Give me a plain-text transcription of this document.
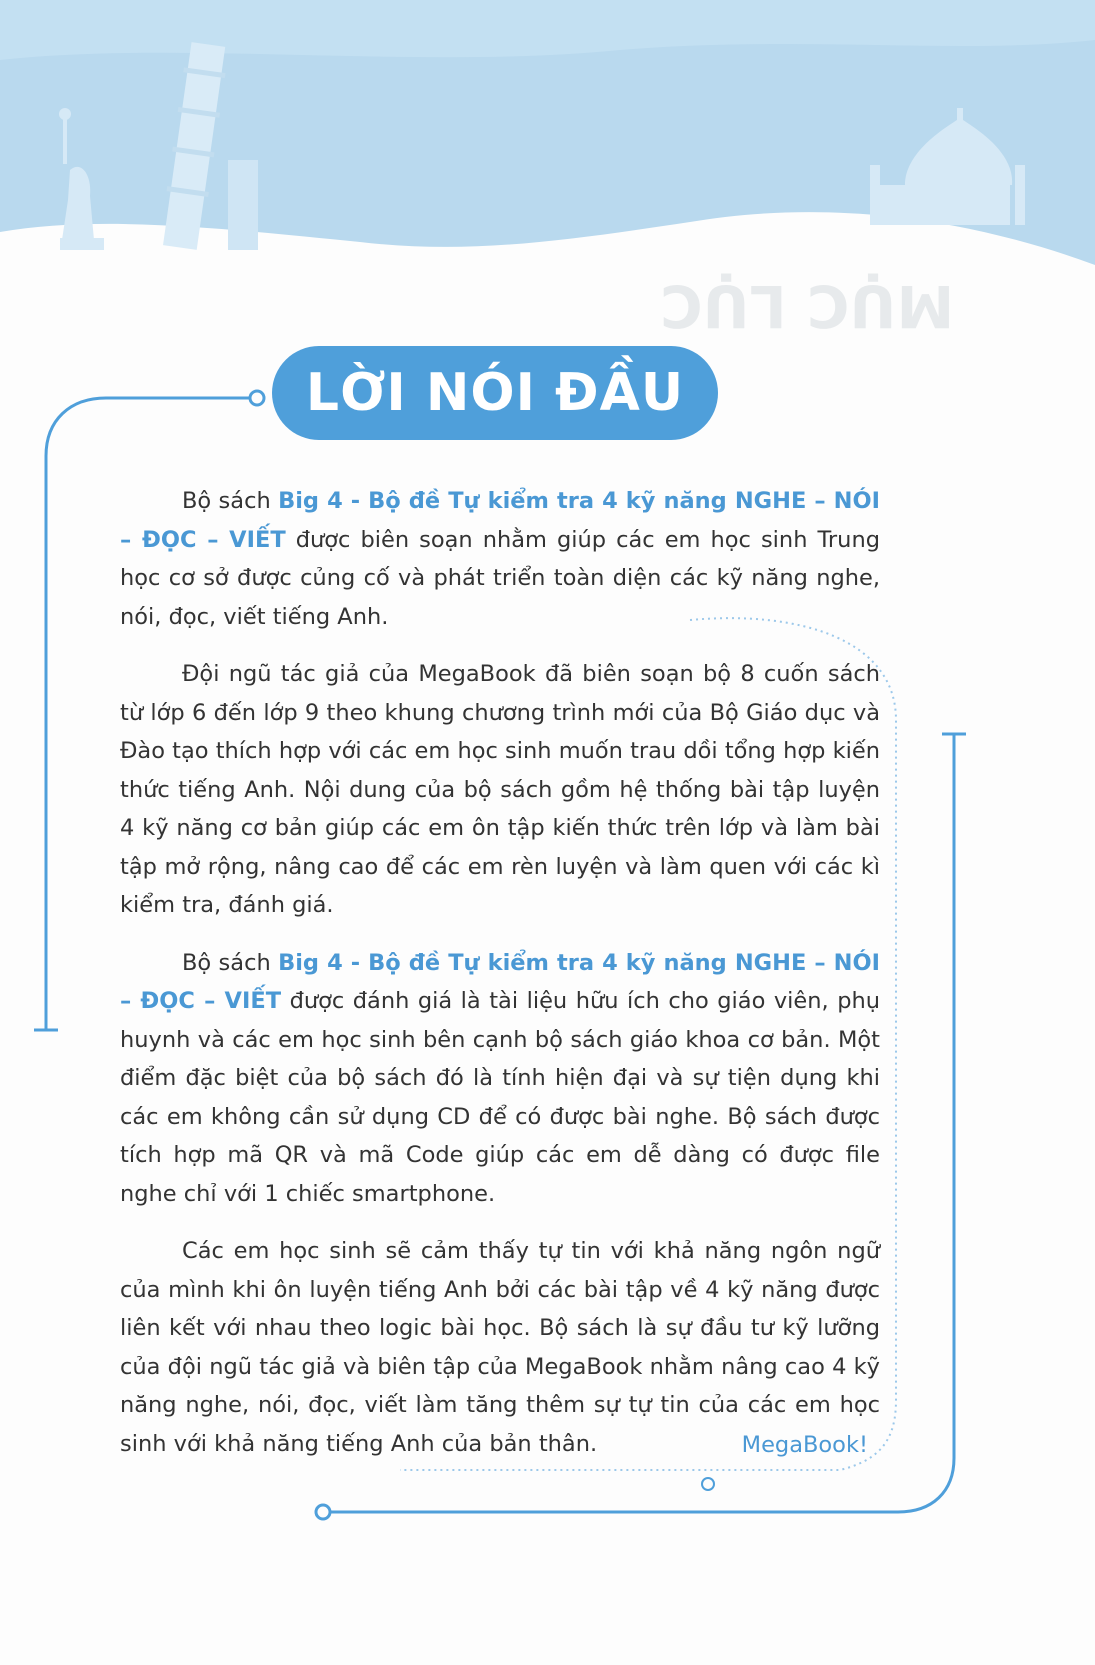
MỤC LỤC
LỜI NÓI ĐẦU

Bộ sách Big 4 - Bộ đề Tự kiểm tra 4 kỹ năng NGHE – NÓI – ĐỌC – VIẾT được biên soạn nhằm giúp các em học sinh Trung học cơ sở được củng cố và phát triển toàn diện các kỹ năng nghe, nói, đọc, viết tiếng Anh.

Đội ngũ tác giả của MegaBook đã biên soạn bộ 8 cuốn sách từ lớp 6 đến lớp 9 theo khung chương trình mới của Bộ Giáo dục và Đào tạo thích hợp với các em học sinh muốn trau dồi tổng hợp kiến thức tiếng Anh. Nội dung của bộ sách gồm hệ thống bài tập luyện 4 kỹ năng cơ bản giúp các em ôn tập kiến thức trên lớp và làm bài tập mở rộng, nâng cao để các em rèn luyện và làm quen với các kì kiểm tra, đánh giá.

Bộ sách Big 4 - Bộ đề Tự kiểm tra 4 kỹ năng NGHE – NÓI – ĐỌC – VIẾT được đánh giá là tài liệu hữu ích cho giáo viên, phụ huynh và các em học sinh bên cạnh bộ sách giáo khoa cơ bản. Một điểm đặc biệt của bộ sách đó là tính hiện đại và sự tiện dụng khi các em không cần sử dụng CD để có được bài nghe. Bộ sách được tích hợp mã QR và mã Code giúp các em dễ dàng có được file nghe chỉ với 1 chiếc smartphone.

Các em học sinh sẽ cảm thấy tự tin với khả năng ngôn ngữ của mình khi ôn luyện tiếng Anh bởi các bài tập về 4 kỹ năng được liên kết với nhau theo logic bài học. Bộ sách là sự đầu tư kỹ lưỡng của đội ngũ tác giả và biên tập của MegaBook nhằm nâng cao 4 kỹ năng nghe, nói, đọc, viết làm tăng thêm sự tự tin của các em học sinh với khả năng tiếng Anh của bản thân.	MegaBook!
